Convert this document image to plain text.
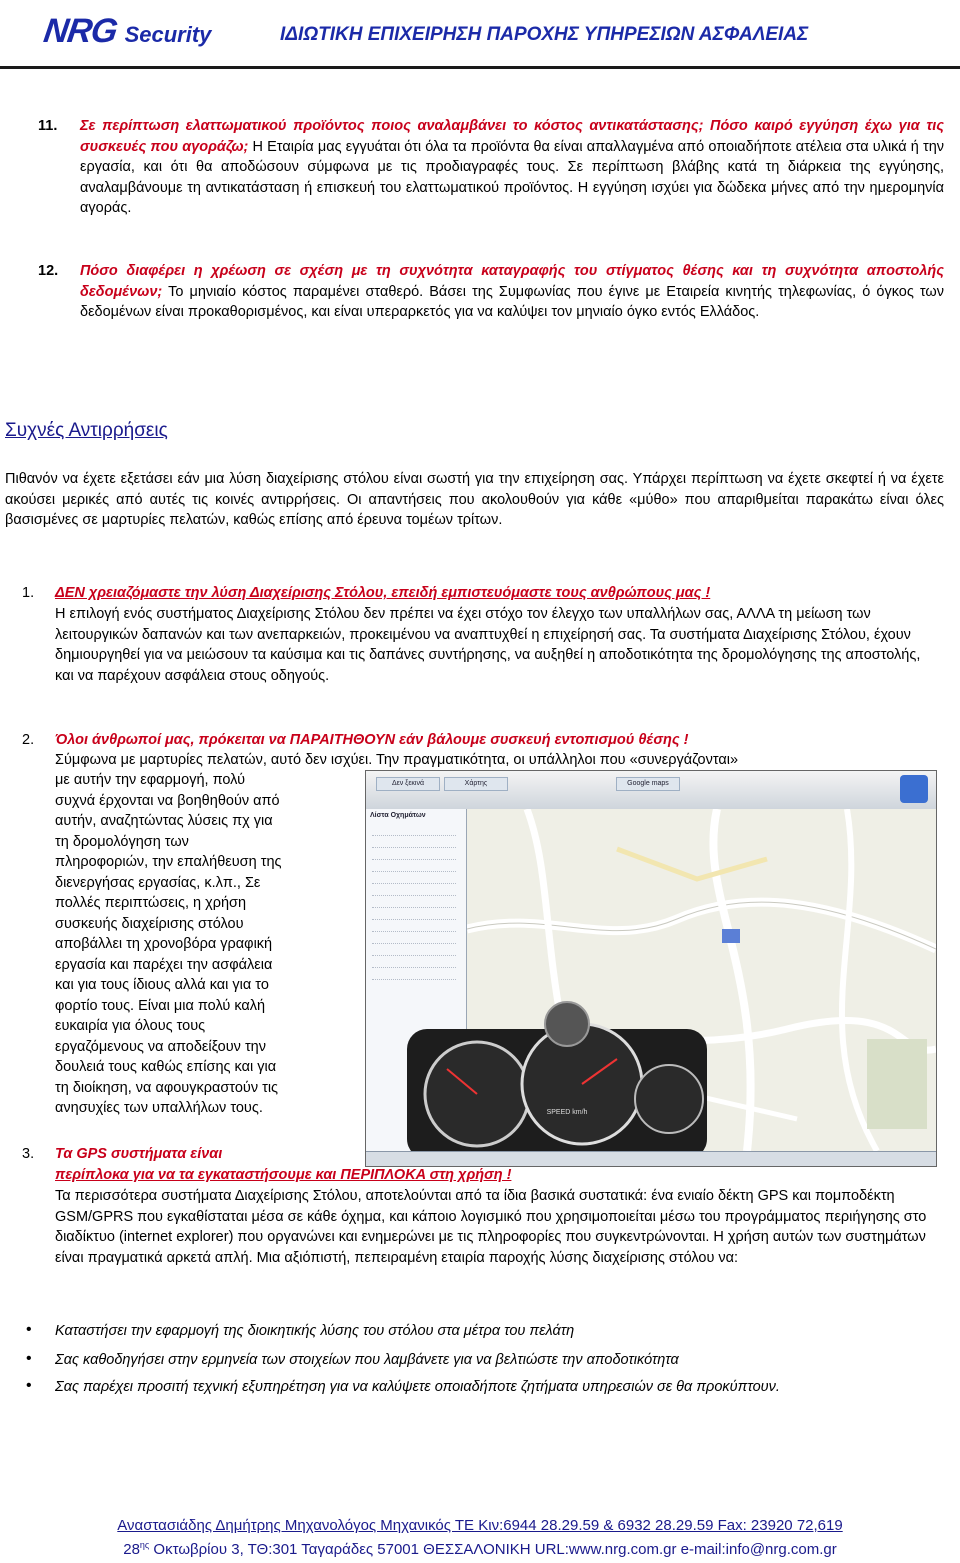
NRG Security	ΙΔΙΩΤΙΚΗ ΕΠΙΧΕΙΡΗΣΗ ΠΑΡΟΧΗΣ ΥΠΗΡΕΣΙΩΝ ΑΣΦΑΛΕΙΑΣ
11. Σε περίπτωση ελαττωματικού προϊόντος ποιος αναλαμβάνει το κόστος αντικατάστασης; Πόσο καιρό εγγύηση έχω για τις συσκευές που αγοράζω; Η Εταιρία μας εγγυάται ότι όλα τα προϊόντα θα είναι απαλλαγμένα από οποιαδήποτε ατέλεια στα υλικά ή την εργασία, και ότι θα αποδώσουν σύμφωνα με τις προδιαγραφές τους. Σε περίπτωση βλάβης κατά τη διάρκεια της εγγύησης, αναλαμβάνουμε τη αντικατάσταση ή επισκευή του ελαττωματικού προϊόντος. Η εγγύηση ισχύει για δώδεκα μήνες από την ημερομηνία αγοράς.
12. Πόσο διαφέρει η χρέωση σε σχέση με τη συχνότητα καταγραφής του στίγματος θέσης και τη συχνότητα αποστολής δεδομένων; Το μηνιαίο κόστος παραμένει σταθερό. Βάσει της Συμφωνίας που έγινε με Εταιρεία κινητής τηλεφωνίας, ό όγκος των δεδομένων είναι προκαθορισμένος, και είναι υπεραρκετός για να καλύψει τον μηνιαίο όγκο εντός Ελλάδος.
Συχνές Αντιρρήσεις
Πιθανόν να έχετε εξετάσει εάν μια λύση διαχείρισης στόλου είναι σωστή για την επιχείρηση σας. Υπάρχει περίπτωση να έχετε σκεφτεί ή να έχετε ακούσει μερικές από αυτές τις κοινές αντιρρήσεις. Οι απαντήσεις που ακολουθούν για κάθε «μύθο» που απαριθμείται παρακάτω είναι όλες βασισμένες σε μαρτυρίες πελατών, καθώς επίσης από έρευνα τομέων τρίτων.
1. ΔΕΝ χρειαζόμαστε την λύση Διαχείρισης Στόλου, επειδή εμπιστευόμαστε τους ανθρώπους μας !
Η επιλογή ενός συστήματος Διαχείρισης Στόλου δεν πρέπει να έχει στόχο τον έλεγχο των υπαλλήλων σας, ΑΛΛΑ τη μείωση των λειτουργικών δαπανών και των ανεπαρκειών, προκειμένου να αναπτυχθεί η επιχείρησή σας. Τα συστήματα Διαχείρισης Στόλου, έχουν δημιουργηθεί για να μειώσουν τα καύσιμα και τις δαπάνες συντήρησης, να αυξηθεί η αποδοτικότητα της δρομολόγησης της αποστολής, και να παρέχουν ασφάλεια στους οδηγούς.
2. Όλοι άνθρωποί μας, πρόκειται να ΠΑΡΑΙΤΗΘΟΥΝ εάν βάλουμε συσκευή εντοπισμού θέσης !
Σύμφωνα με μαρτυρίες πελατών, αυτό δεν ισχύει. Την πραγματικότητα, οι υπάλληλοι που «συνεργάζονται»
με αυτήν την εφαρμογή, πολύ
συχνά έρχονται να βοηθηθούν από
αυτήν, αναζητώντας λύσεις πχ για
τη δρομολόγηση των
πληροφοριών, την επαλήθευση της
διενεργήσας εργασίας, κ.λπ., Σε
πολλές περιπτώσεις, η χρήση
συσκευής διαχείρισης στόλου
αποβάλλει τη χρονοβόρα γραφική
εργασία και παρέχει την ασφάλεια
και για τους ίδιους αλλά και για το
φορτίο τους. Είναι μια πολύ καλή
ευκαιρία για όλους τους
εργαζόμενους να αποδείξουν την
δουλειά τους καθώς επίσης και για
τη διοίκηση, να αφουγκραστούν τις
ανησυχίες των υπαλλήλων τους.
Δεν ξεκινά	Χάρτης	Google maps
Λίστα Οχημάτων
SPEED km/h
3. Τα GPS συστήματα είναι
περίπλοκα για να τα εγκαταστήσουμε και ΠΕΡΙΠΛΟΚΑ στη χρήση !
Τα περισσότερα συστήματα Διαχείρισης Στόλου, αποτελούνται από τα ίδια βασικά συστατικά: ένα ενιαίο δέκτη GPS και πομποδέκτη GSM/GPRS που εγκαθίσταται μέσα σε κάθε όχημα, και κάποιο λογισμικό που χρησιμοποιείται μέσω του προγράμματος περιήγησης στο διαδίκτυο (internet explorer) που οργανώνει και ενημερώνει με τις πληροφορίες που συγκεντρώνονται. Η χρήση αυτών των συστημάτων είναι πραγματικά αρκετά απλή. Μια αξιόπιστή, πεπειραμένη εταιρία παροχής λύσης διαχείρισης στόλου να:
• Καταστήσει την εφαρμογή της διοικητικής λύσης του στόλου στα μέτρα του πελάτη
• Σας καθοδηγήσει στην ερμηνεία των στοιχείων που λαμβάνετε για να βελτιώστε την αποδοτικότητα
• Σας παρέχει προσιτή τεχνική εξυπηρέτηση για να καλύψετε οποιαδήποτε ζητήματα υπηρεσιών σε θα προκύπτουν.
Αναστασιάδης Δημήτρης Μηχανολόγος Μηχανικός ΤΕ Κιν:6944 28.29.59 & 6932 28.29.59 Fax: 23920 72,619
$28^{\eta\varsigma}$ Οκτωβρίου 3, ΤΘ:301 Ταγαράδες 57001 ΘΕΣΣΑΛΟΝΙΚΗ URL:www.nrg.com.gr e-mail:info@nrg.com.gr
